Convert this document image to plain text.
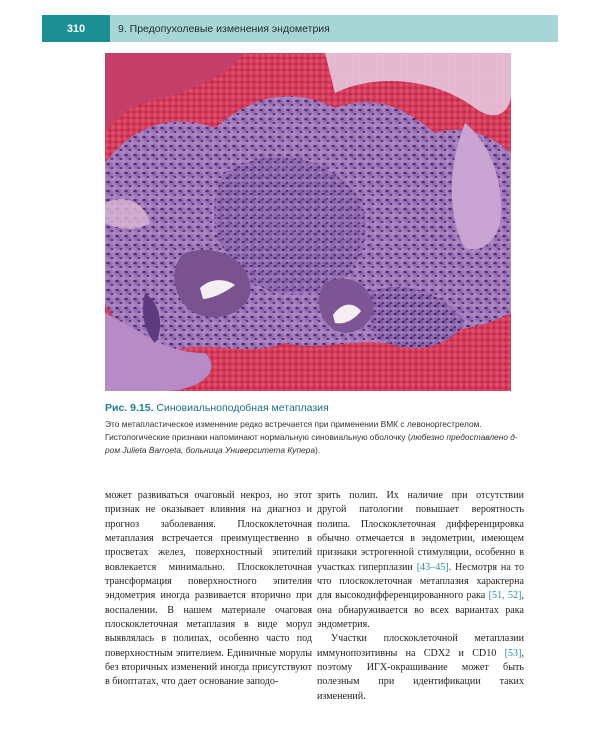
310	9. Предопухолевые изменения эндометрия
Рис. 9.15. Синовиальноподобная метаплазия
Это метапластическое изменение редко встречается при применении ВМК с левоноргестрелом. Гистологические признаки напоминают нормальную синовиальную оболочку (любезно предоставлено д-ром Julieta Barroeta, больница Университета Купера).

может развиваться очаговый некроз, но этот признак не оказывает влияния на диагноз и прогноз заболевания. Плоскоклеточная метаплазия встречается преимущественно в просветах желез, поверхностный эпителий вовлекается минимально. Плоскоклеточная трансформация поверхностного эпителия эндометрия иногда развивается вторично при воспалении. В нашем материале очаговая плоскоклеточная метаплазия в виде морул выявлялась в полипах, особенно часто под поверхностным эпителием. Единичные морулы без вторичных изменений иногда присутствуют в биоптатах, что дает основание заподо-

зрить полип. Их наличие при отсутствии другой патологии повышает вероятность полипа. Плоскоклеточная дифференцировка обычно отмечается в эндометрии, имеющем признаки эстрогенной стимуляции, особенно в участках гиперплазии [43–45]. Несмотря на то что плоскоклеточная метаплазия характерна для высокодифференцированного рака [51, 52], она обнаруживается во всех вариантах рака эндометрия.

Участки плоскоклеточной метаплазии иммунопозитивны на CDX2 и CD10 [53], поэтому ИГХ-окрашивание может быть полезным при идентификации таких изменений.
